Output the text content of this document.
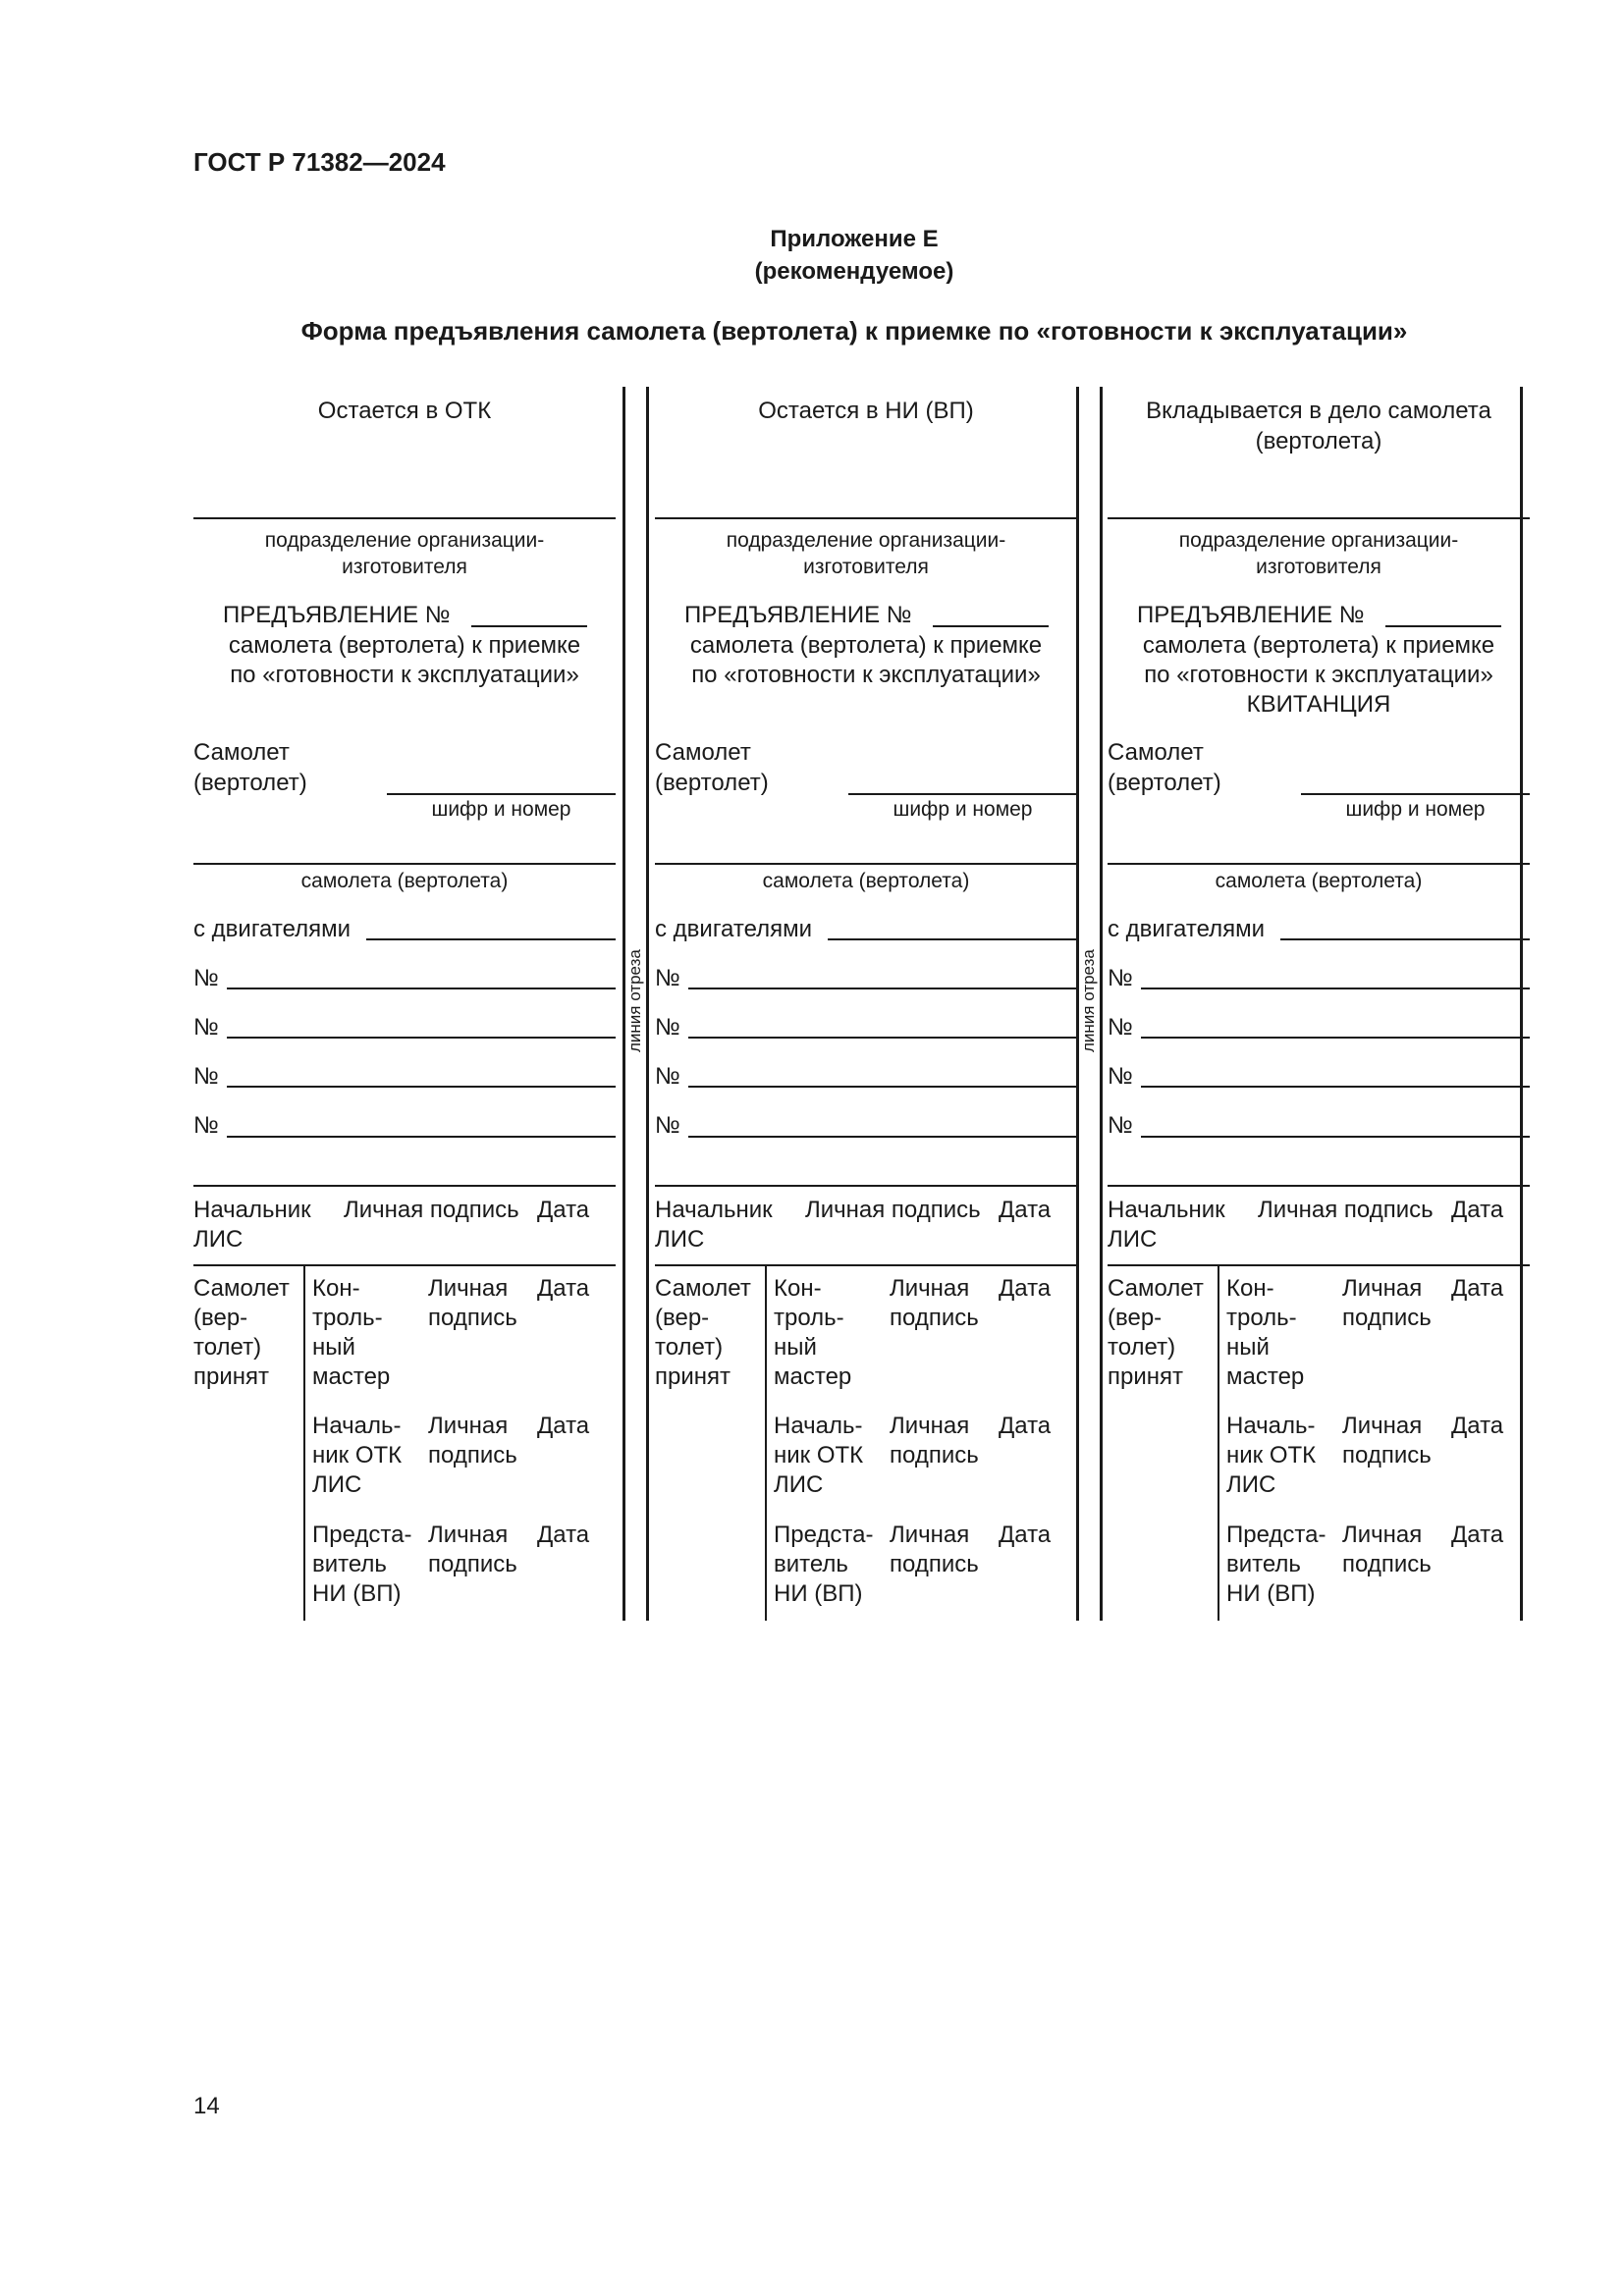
ГОСТ Р 71382—2024
Приложение Е
(рекомендуемое)
Форма предъявления самолета (вертолета) к приемке по «готовности к эксплуатации»
Остается в ОТК
подразделение организации-
изготовителя
ПРЕДЪЯВЛЕНИЕ №
самолета (вертолета) к приемке
по «готовности к эксплуатации»
Самолет
(вертолет)
шифр и номер
самолета (вертолета)
с двигателями
№
№
№
№
Начальник
ЛИС
Личная подпись Дата
Самолет
(вер-
толет)
принят
Кон-
троль-
ный
мастер
Личная
подпись
Дата
Началь-
ник ОТК
ЛИС
Личная
подпись
Дата
Предста-
витель
НИ (ВП)
Личная
подпись
Дата
Остается в НИ (ВП)
подразделение организации-
изготовителя
ПРЕДЪЯВЛЕНИЕ №
самолета (вертолета) к приемке
по «готовности к эксплуатации»
Самолет
(вертолет)
шифр и номер
самолета (вертолета)
с двигателями
№
№
№
№
Начальник
ЛИС
Личная подпись Дата
Самолет
(вер-
толет)
принят
Кон-
троль-
ный
мастер
Личная
подпись
Дата
Началь-
ник ОТК
ЛИС
Личная
подпись
Дата
Предста-
витель
НИ (ВП)
Личная
подпись
Дата
Вкладывается в дело самолета
(вертолета)
подразделение организации-
изготовителя
ПРЕДЪЯВЛЕНИЕ №
самолета (вертолета) к приемке
по «готовности к эксплуатации»
КВИТАНЦИЯ
Самолет
(вертолет)
шифр и номер
самолета (вертолета)
с двигателями
№
№
№
№
Начальник
ЛИС
Личная подпись Дата
Самолет
(вер-
толет)
принят
Кон-
троль-
ный
мастер
Личная
подпись
Дата
Началь-
ник ОТК
ЛИС
Личная
подпись
Дата
Предста-
витель
НИ (ВП)
Личная
подпись
Дата
линия отреза	линия отреза
14
